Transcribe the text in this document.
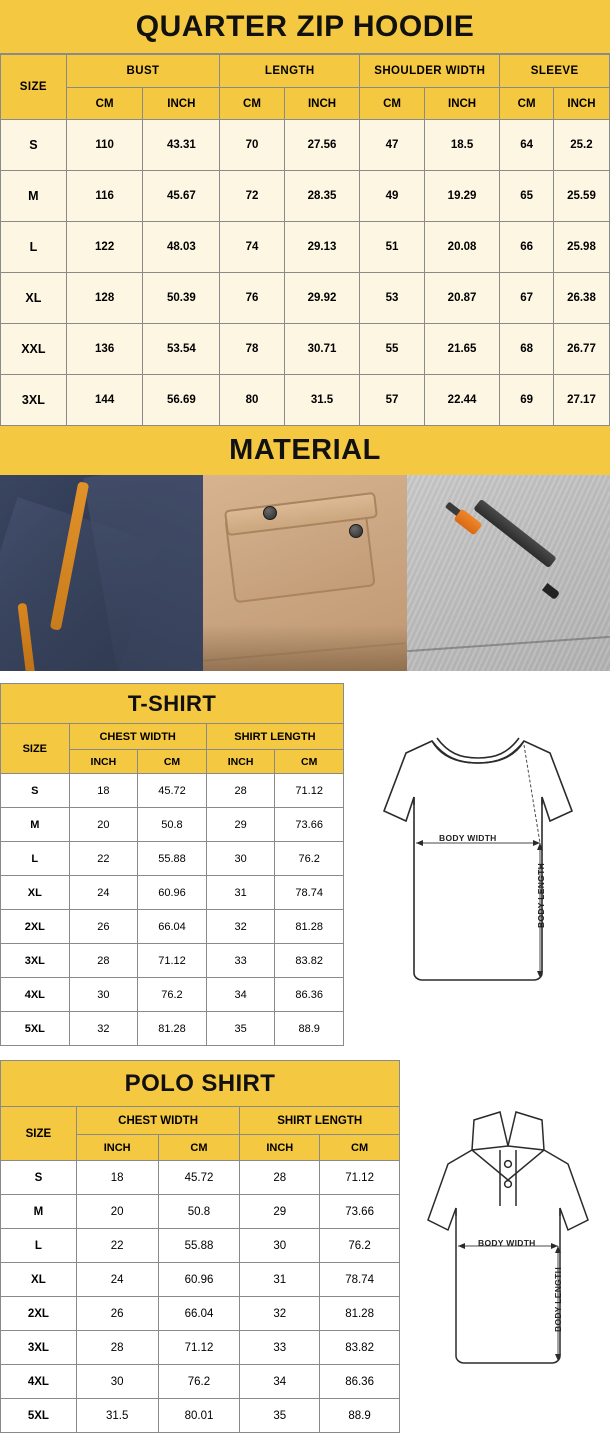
QUARTER ZIP HOODIE
SIZE	BUST		LENGTH		SHOULDER WIDTH		SLEEVE	
	CM	INCH	CM	INCH	CM	INCH	CM	INCH
S	110	43.31	70	27.56	47	18.5	64	25.2
M	116	45.67	72	28.35	49	19.29	65	25.59
L	122	48.03	74	29.13	51	20.08	66	25.98
XL	128	50.39	76	29.92	53	20.87	67	26.38
XXL	136	53.54	78	30.71	55	21.65	68	26.77
3XL	144	56.69	80	31.5	57	22.44	69	27.17
MATERIAL
T-SHIRT
SIZE	CHEST WIDTH		SHIRT LENGTH	
	INCH	CM	INCH	CM
S	18	45.72	28	71.12
M	20	50.8	29	73.66
L	22	55.88	30	76.2
XL	24	60.96	31	78.74
2XL	26	66.04	32	81.28
3XL	28	71.12	33	83.82
4XL	30	76.2	34	86.36
5XL	32	81.28	35	88.9
BODY WIDTH
BODY LENGTH
POLO SHIRT
SIZE	CHEST WIDTH		SHIRT LENGTH	
	INCH	CM	INCH	CM
S	18	45.72	28	71.12
M	20	50.8	29	73.66
L	22	55.88	30	76.2
XL	24	60.96	31	78.74
2XL	26	66.04	32	81.28
3XL	28	71.12	33	83.82
4XL	30	76.2	34	86.36
5XL	31.5	80.01	35	88.9
BODY WIDTH
BODY LENGTH
